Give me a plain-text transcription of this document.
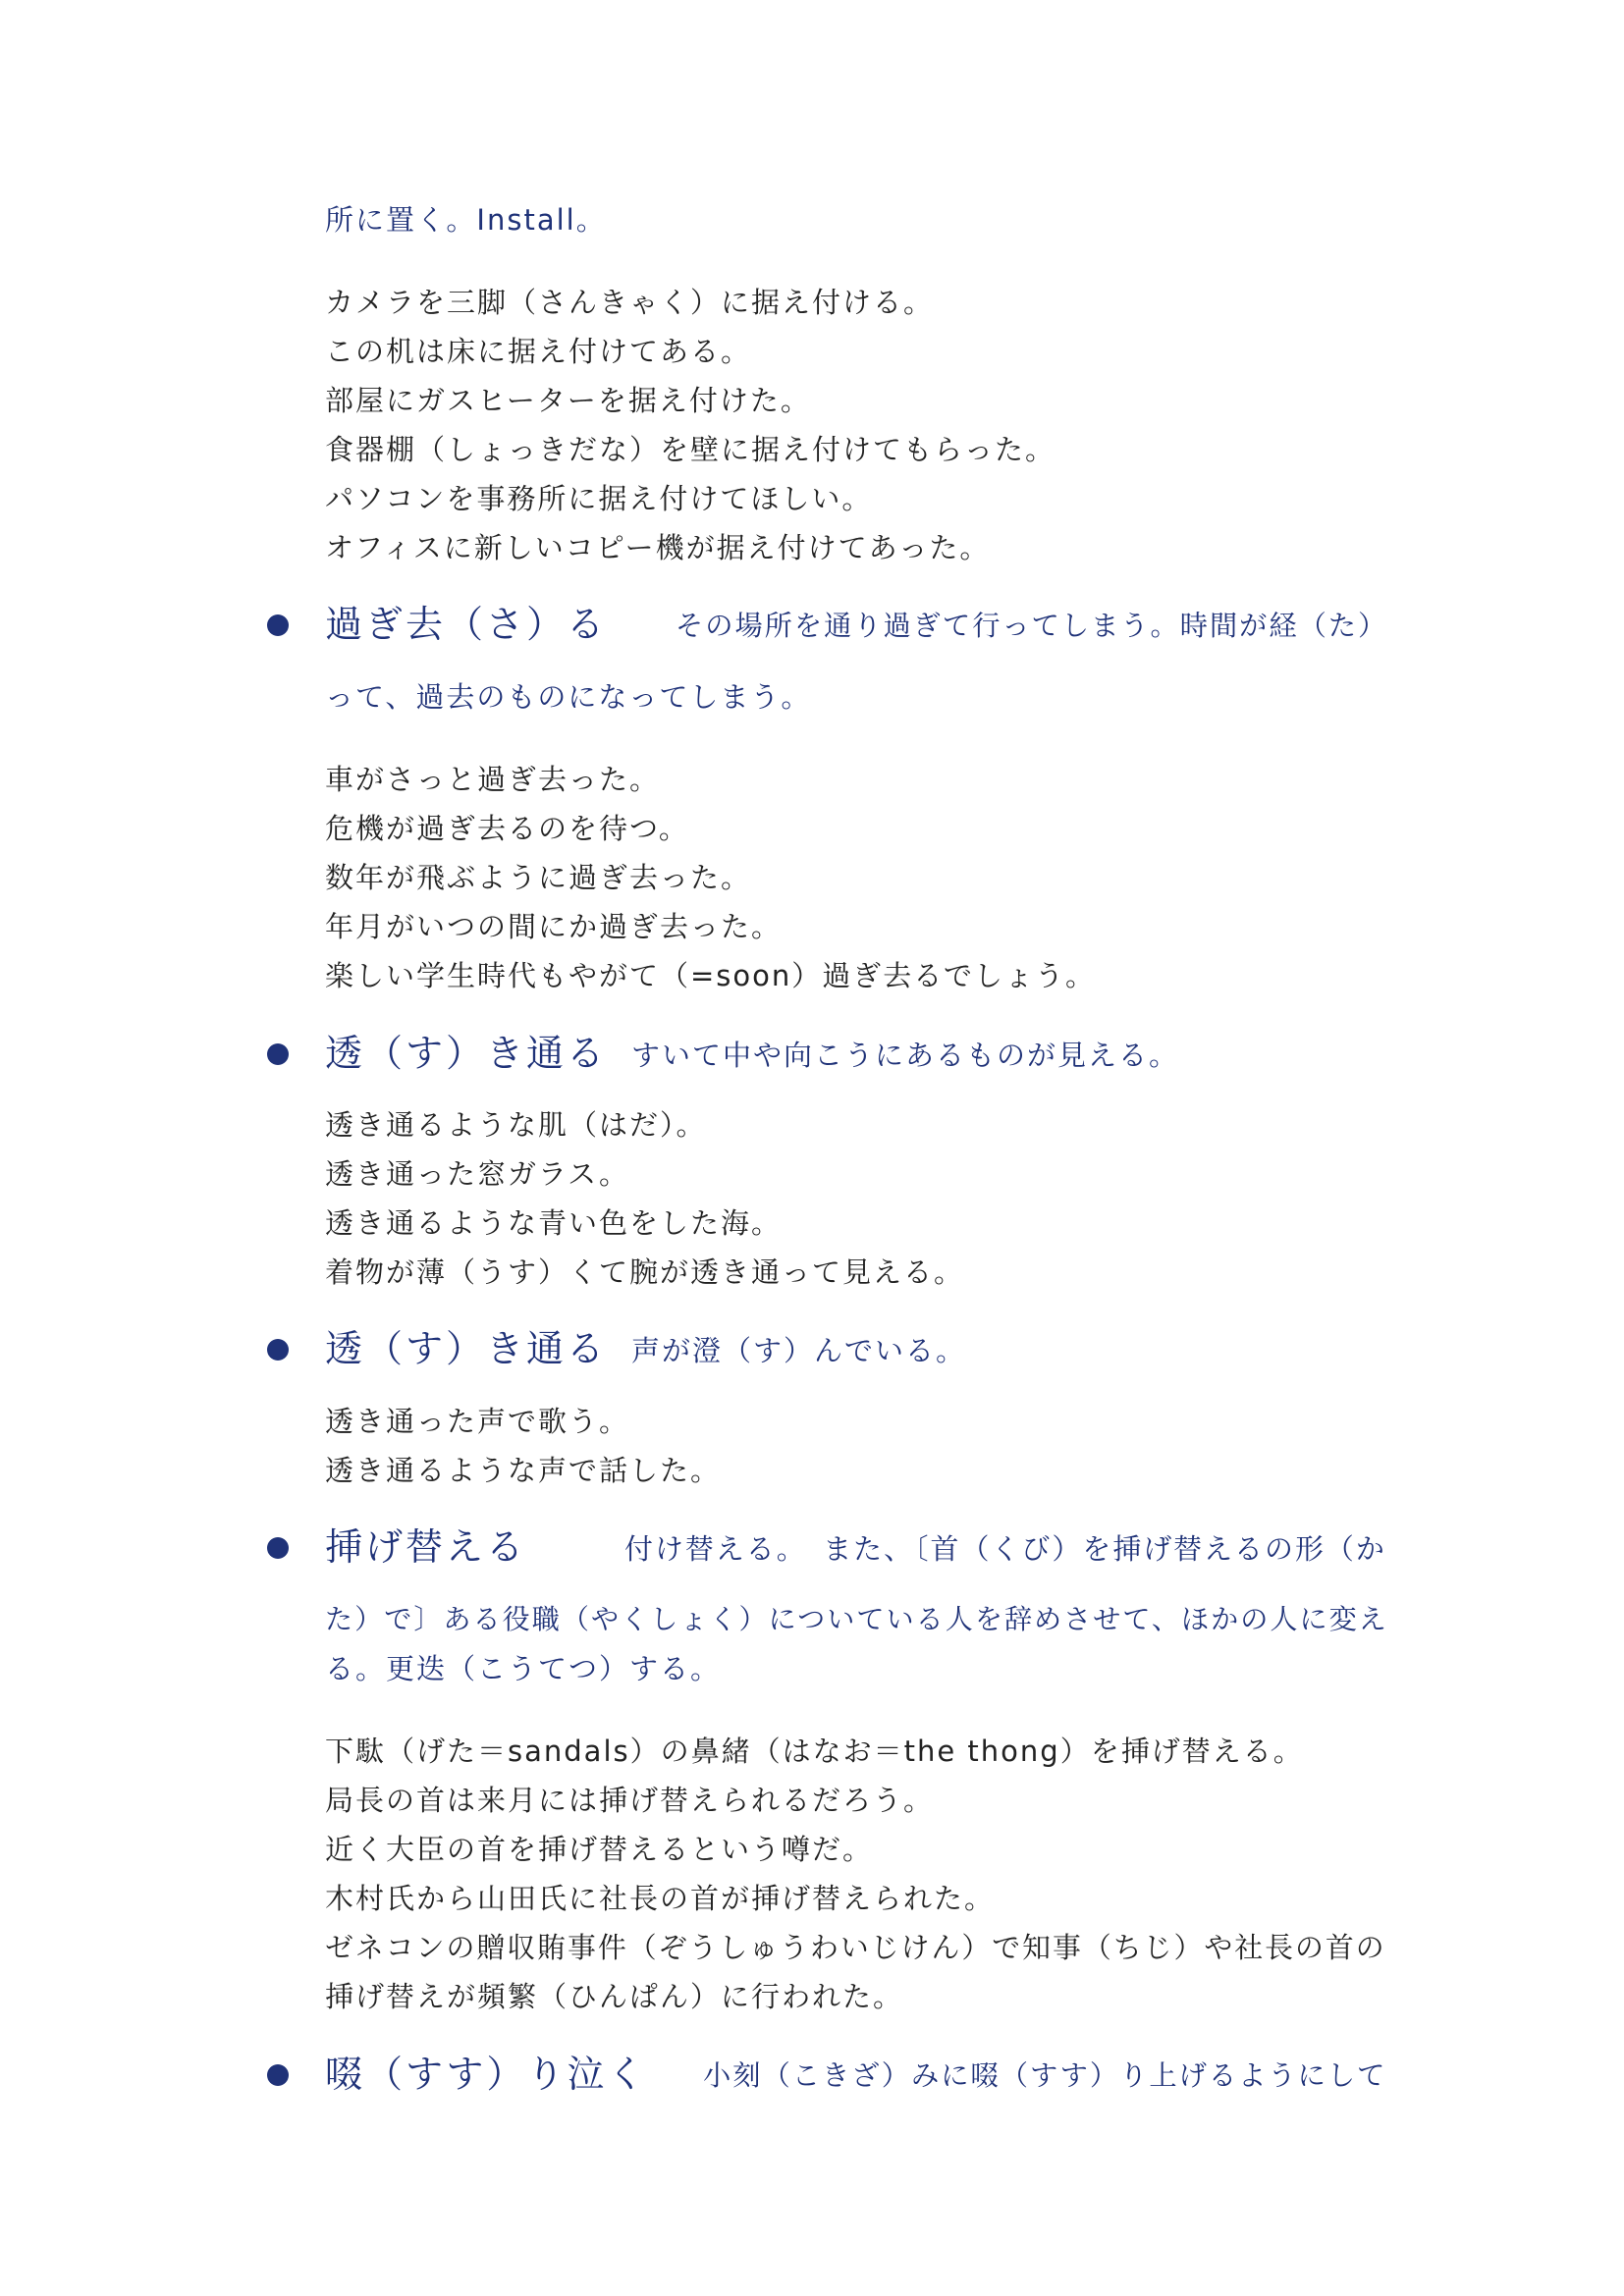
所に置く。Install。
カメラを三脚（さんきゃく）に据え付ける。
この机は床に据え付けてある。
部屋にガスヒーターを据え付けた。
食器棚（しょっきだな）を壁に据え付けてもらった。
パソコンを事務所に据え付けてほしい。
オフィスに新しいコピー機が据え付けてあった。
過ぎ去（さ）る その場所を通り過ぎて行ってしまう。時間が経（た）
って、過去のものになってしまう。
車がさっと過ぎ去った。
危機が過ぎ去るのを待つ。
数年が飛ぶように過ぎ去った。
年月がいつの間にか過ぎ去った。
楽しい学生時代もやがて（=soon）過ぎ去るでしょう。
透（す）き通る すいて中や向こうにあるものが見える。
透き通るような肌（はだ）。
透き通った窓ガラス。
透き通るような青い色をした海。
着物が薄（うす）くて腕が透き通って見える。
透（す）き通る 声が澄（す）んでいる。
透き通った声で歌う。
透き通るような声で話した。
挿げ替える	付け替える。　また、〔首（くび）を挿げ替えるの形（か
た）で〕ある役職（やくしょく）についている人を辞めさせて、ほかの人に変え
る。更迭（こうてつ）する。
下駄（げた＝sandals）の鼻緒（はなお＝the thong）を挿げ替える。
局長の首は来月には挿げ替えられるだろう。
近く大臣の首を挿げ替えるという噂だ。
木村氏から山田氏に社長の首が挿げ替えられた。
ゼネコンの贈収賄事件（ぞうしゅうわいじけん）で知事（ちじ）や社長の首の
挿げ替えが頻繁（ひんぱん）に行われた。
啜（すす）り泣く 小刻（こきざ）みに啜（すす）り上げるようにして
